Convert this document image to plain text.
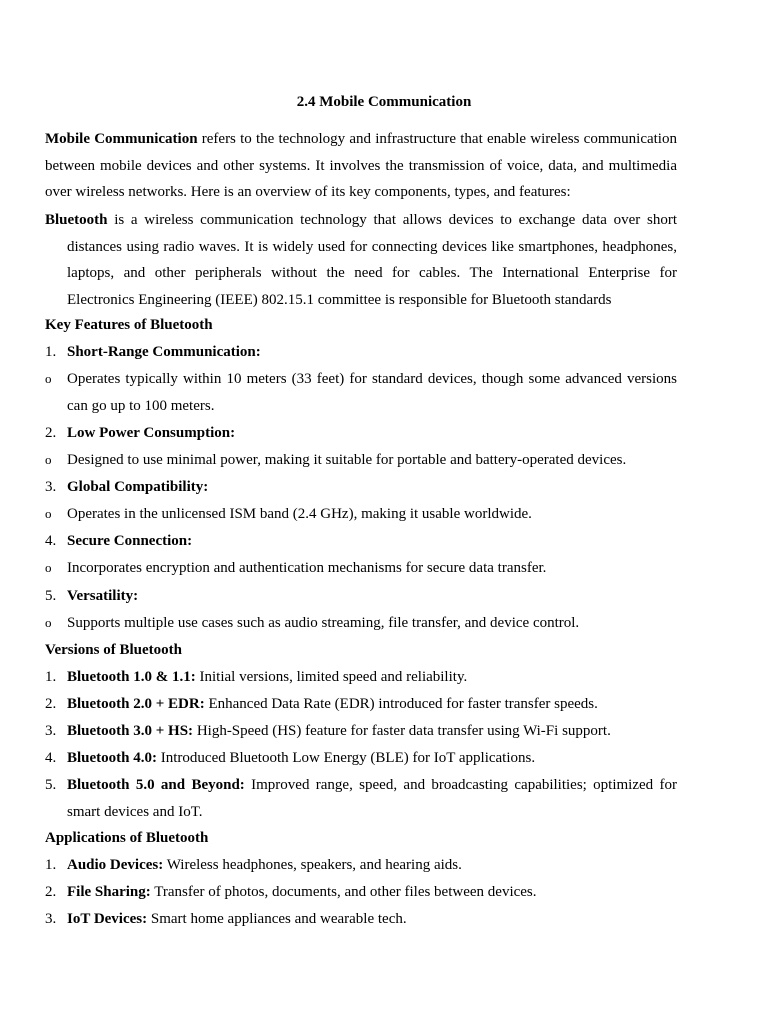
2.4 Mobile Communication

Mobile Communication refers to the technology and infrastructure that enable wireless communication between mobile devices and other systems. It involves the transmission of voice, data, and multimedia over wireless networks. Here is an overview of its key components, types, and features:

Bluetooth is a wireless communication technology that allows devices to exchange data over short distances using radio waves. It is widely used for connecting devices like smartphones, headphones, laptops, and other peripherals without the need for cables. The International Enterprise for Electronics Engineering (IEEE) 802.15.1 committee is responsible for Bluetooth standards

Key Features of Bluetooth
1. Short-Range Communication:
o Operates typically within 10 meters (33 feet) for standard devices, though some advanced versions can go up to 100 meters.
2. Low Power Consumption:
o Designed to use minimal power, making it suitable for portable and battery-operated devices.
3. Global Compatibility:
o Operates in the unlicensed ISM band (2.4 GHz), making it usable worldwide.
4. Secure Connection:
o Incorporates encryption and authentication mechanisms for secure data transfer.
5. Versatility:
o Supports multiple use cases such as audio streaming, file transfer, and device control.
Versions of Bluetooth
1. Bluetooth 1.0 & 1.1: Initial versions, limited speed and reliability.
2. Bluetooth 2.0 + EDR: Enhanced Data Rate (EDR) introduced for faster transfer speeds.
3. Bluetooth 3.0 + HS: High-Speed (HS) feature for faster data transfer using Wi-Fi support.
4. Bluetooth 4.0: Introduced Bluetooth Low Energy (BLE) for IoT applications.
5. Bluetooth 5.0 and Beyond: Improved range, speed, and broadcasting capabilities; optimized for smart devices and IoT.
Applications of Bluetooth
1. Audio Devices: Wireless headphones, speakers, and hearing aids.
2. File Sharing: Transfer of photos, documents, and other files between devices.
3. IoT Devices: Smart home appliances and wearable tech.
